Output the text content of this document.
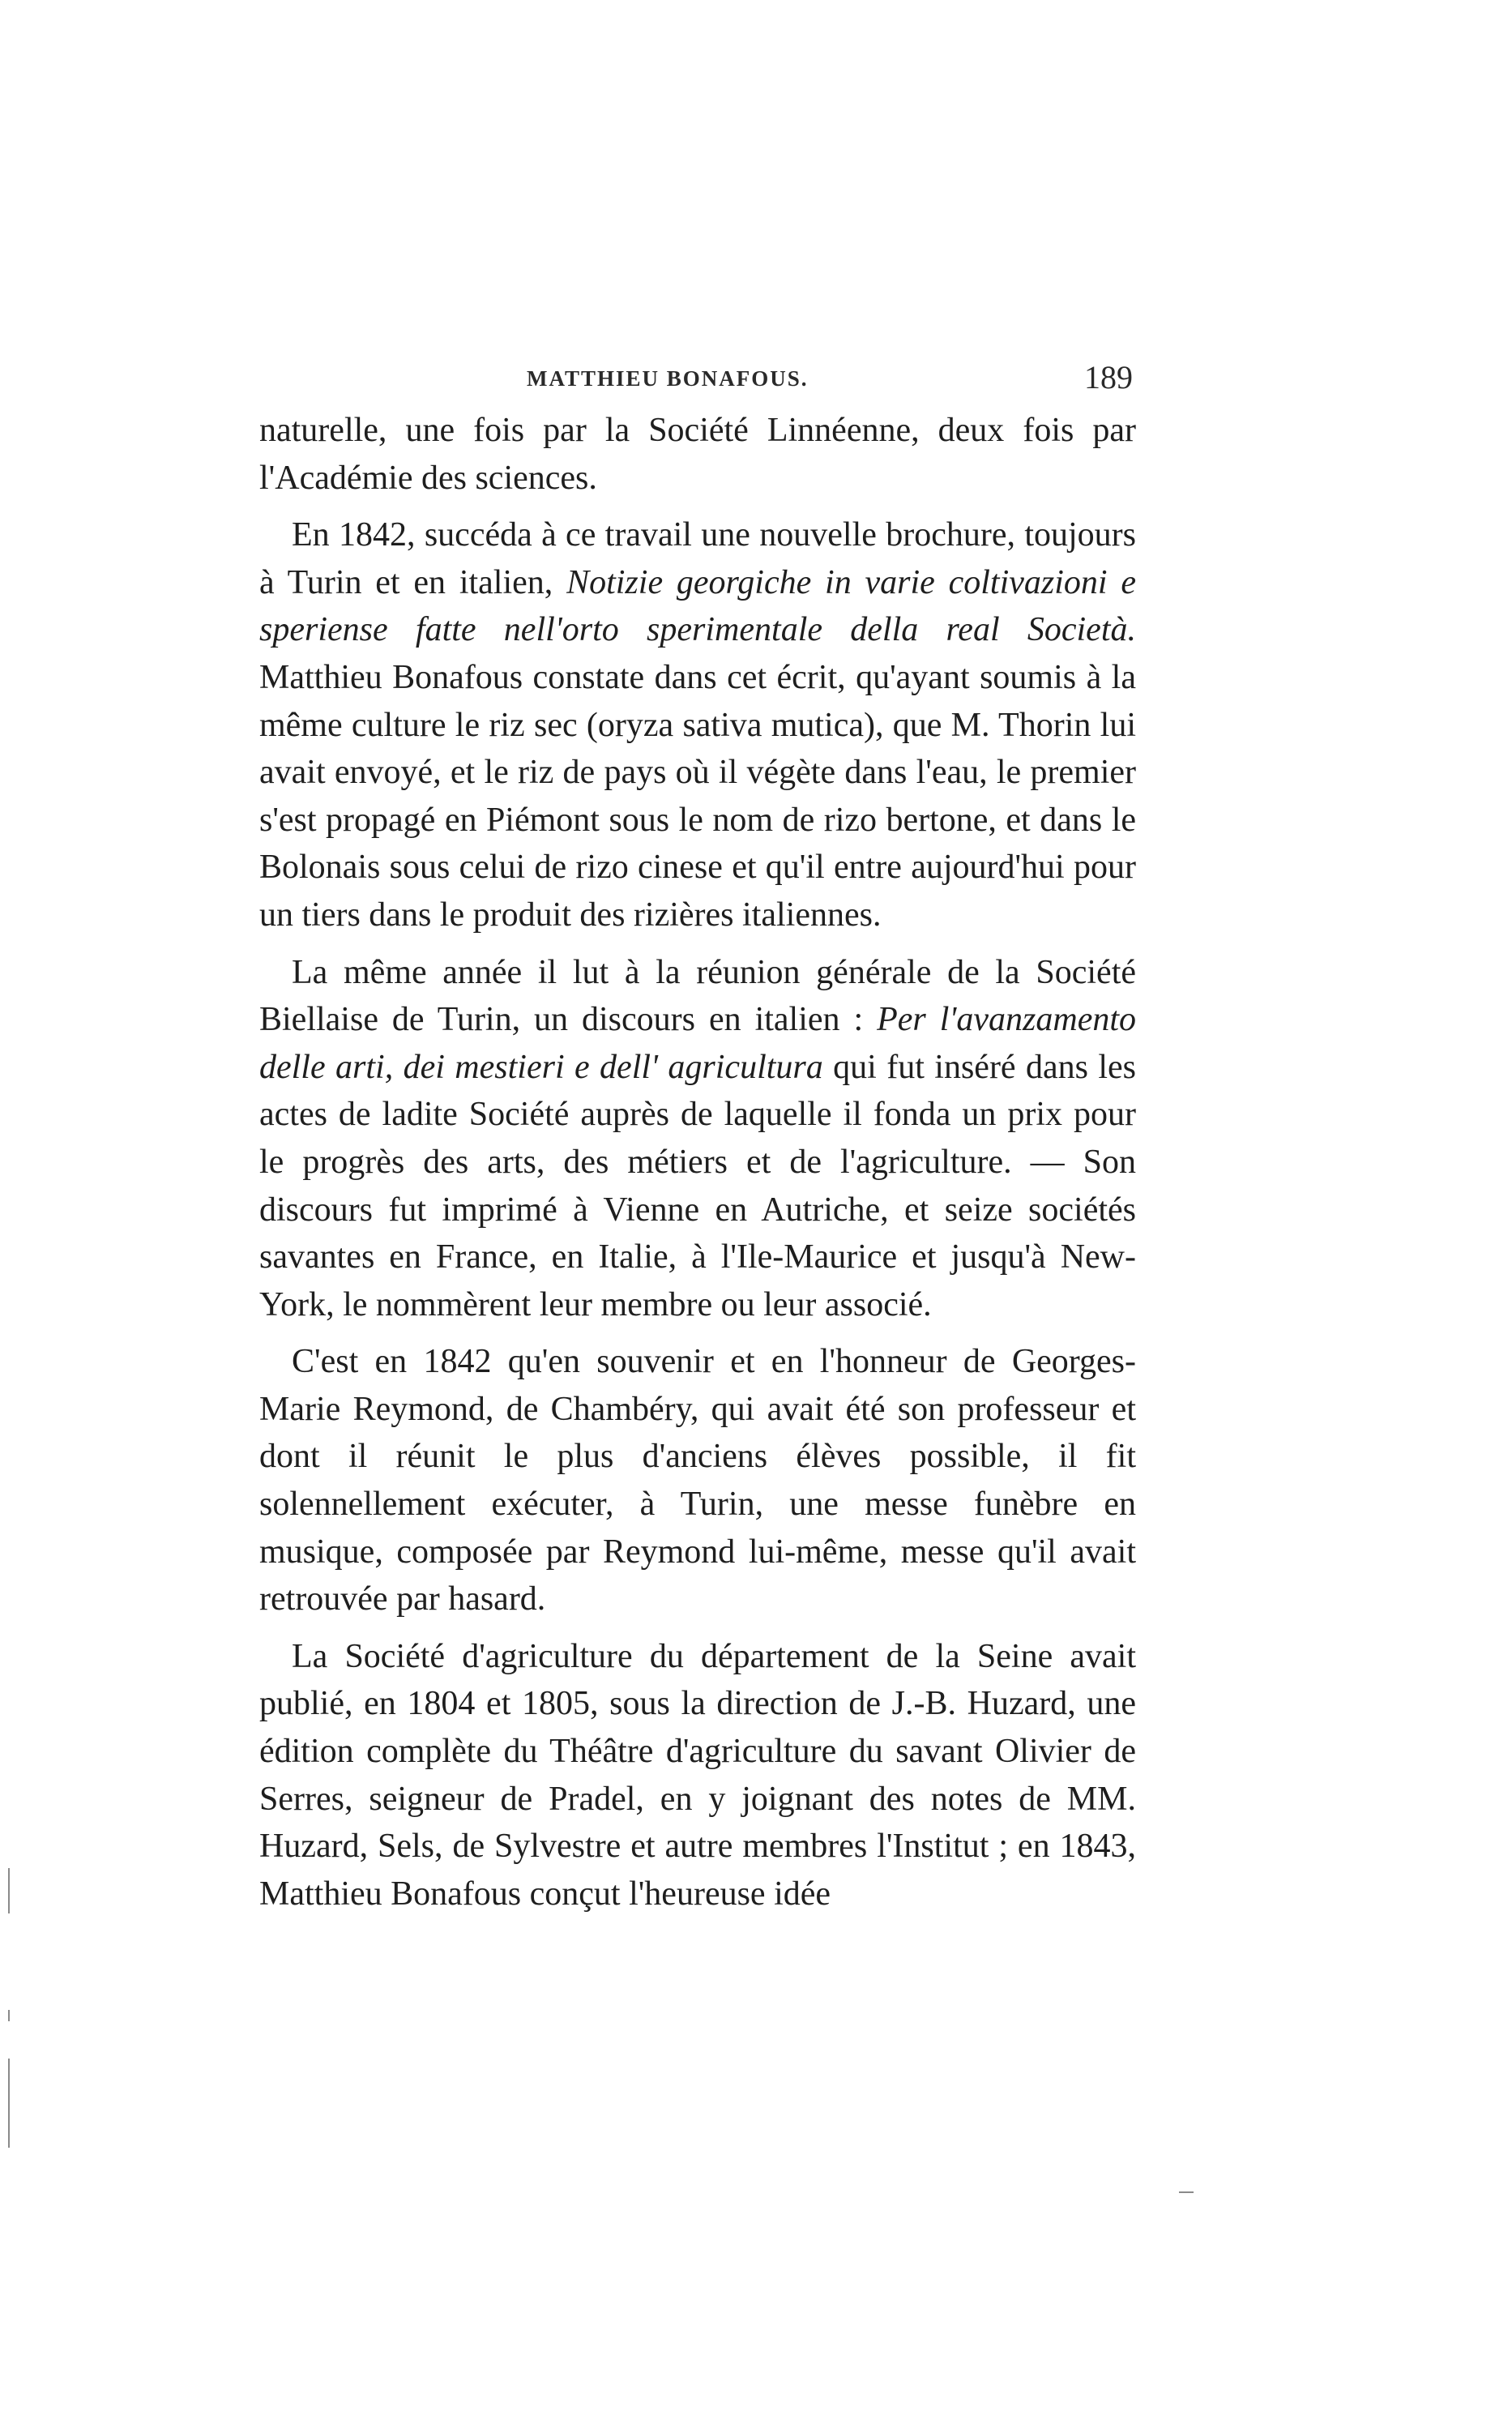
MATTHIEU BONAFOUS.	189

naturelle, une fois par la Société Linnéenne, deux fois par l'Académie des sciences.

En 1842, succéda à ce travail une nouvelle brochure, toujours à Turin et en italien, Notizie georgiche in varie coltivazioni e speriense fatte nell'orto sperimentale della real Società. Matthieu Bonafous constate dans cet écrit, qu'ayant soumis à la même culture le riz sec (oryza sativa mutica), que M. Thorin lui avait envoyé, et le riz de pays où il végète dans l'eau, le premier s'est propagé en Piémont sous le nom de rizo bertone, et dans le Bolonais sous celui de rizo cinese et qu'il entre aujourd'hui pour un tiers dans le produit des rizières italiennes.

La même année il lut à la réunion générale de la Société Biellaise de Turin, un discours en italien : Per l'avanzamento delle arti, dei mestieri e dell' agricultura qui fut inséré dans les actes de ladite Société auprès de laquelle il fonda un prix pour le progrès des arts, des métiers et de l'agriculture. — Son discours fut imprimé à Vienne en Autriche, et seize sociétés savantes en France, en Italie, à l'Ile-Maurice et jusqu'à New-York, le nommèrent leur membre ou leur associé.

C'est en 1842 qu'en souvenir et en l'honneur de Georges-Marie Reymond, de Chambéry, qui avait été son professeur et dont il réunit le plus d'anciens élèves possible, il fit solennellement exécuter, à Turin, une messe funèbre en musique, composée par Reymond lui-même, messe qu'il avait retrouvée par hasard.

La Société d'agriculture du département de la Seine avait publié, en 1804 et 1805, sous la direction de J.-B. Huzard, une édition complète du Théâtre d'agriculture du savant Olivier de Serres, seigneur de Pradel, en y joignant des notes de MM. Huzard, Sels, de Sylvestre et autre membres l'Institut ; en 1843, Matthieu Bonafous conçut l'heureuse idée
